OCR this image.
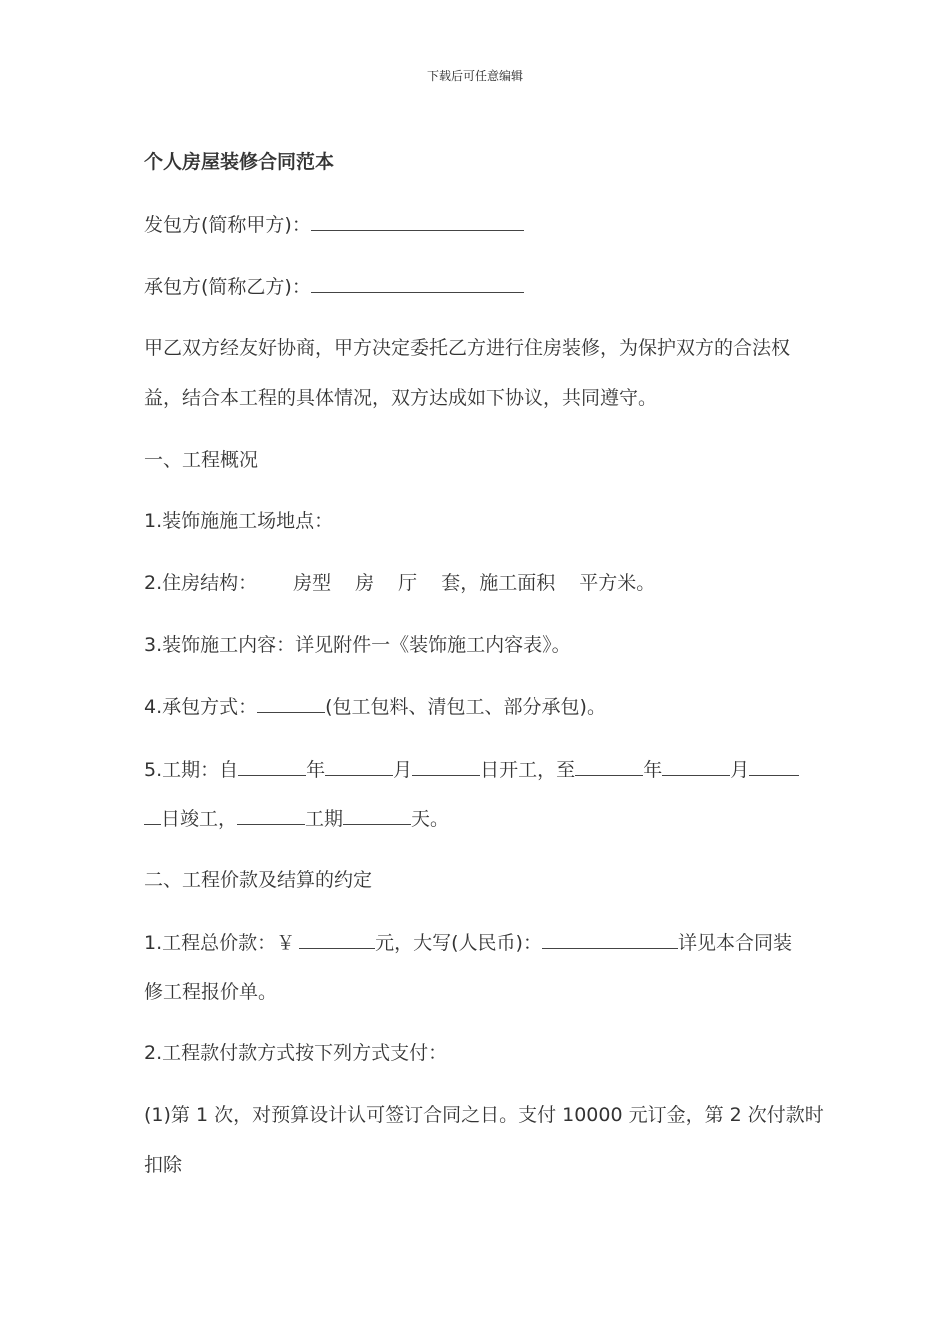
下载后可任意编辑
个人房屋装修合同范本
发包方(简称甲方)：
承包方(简称乙方)：
甲乙双方经友好协商，甲方决定委托乙方进行住房装修，为保护双方的合法权
益，结合本工程的具体情况，双方达成如下协议，共同遵守。
一、工程概况
1.装饰施施工场地点：
2.住房结构： 房型 房 厅 套，施工面积 平方米。
3.装饰施工内容：详见附件一《装饰施工内容表》。
4.承包方式：	(包工包料、清包工、部分承包)。
5.工期：自	年	月	日开工，至	年	月
日竣工，	工期	天。
二、工程价款及结算的约定
1.工程总价款：￥	元，大写(人民币)：	详见本合同装
修工程报价单。
2.工程款付款方式按下列方式支付：
(1)第 1 次，对预算设计认可签订合同之日。支付 10000 元订金，第 2 次付款时
扣除
